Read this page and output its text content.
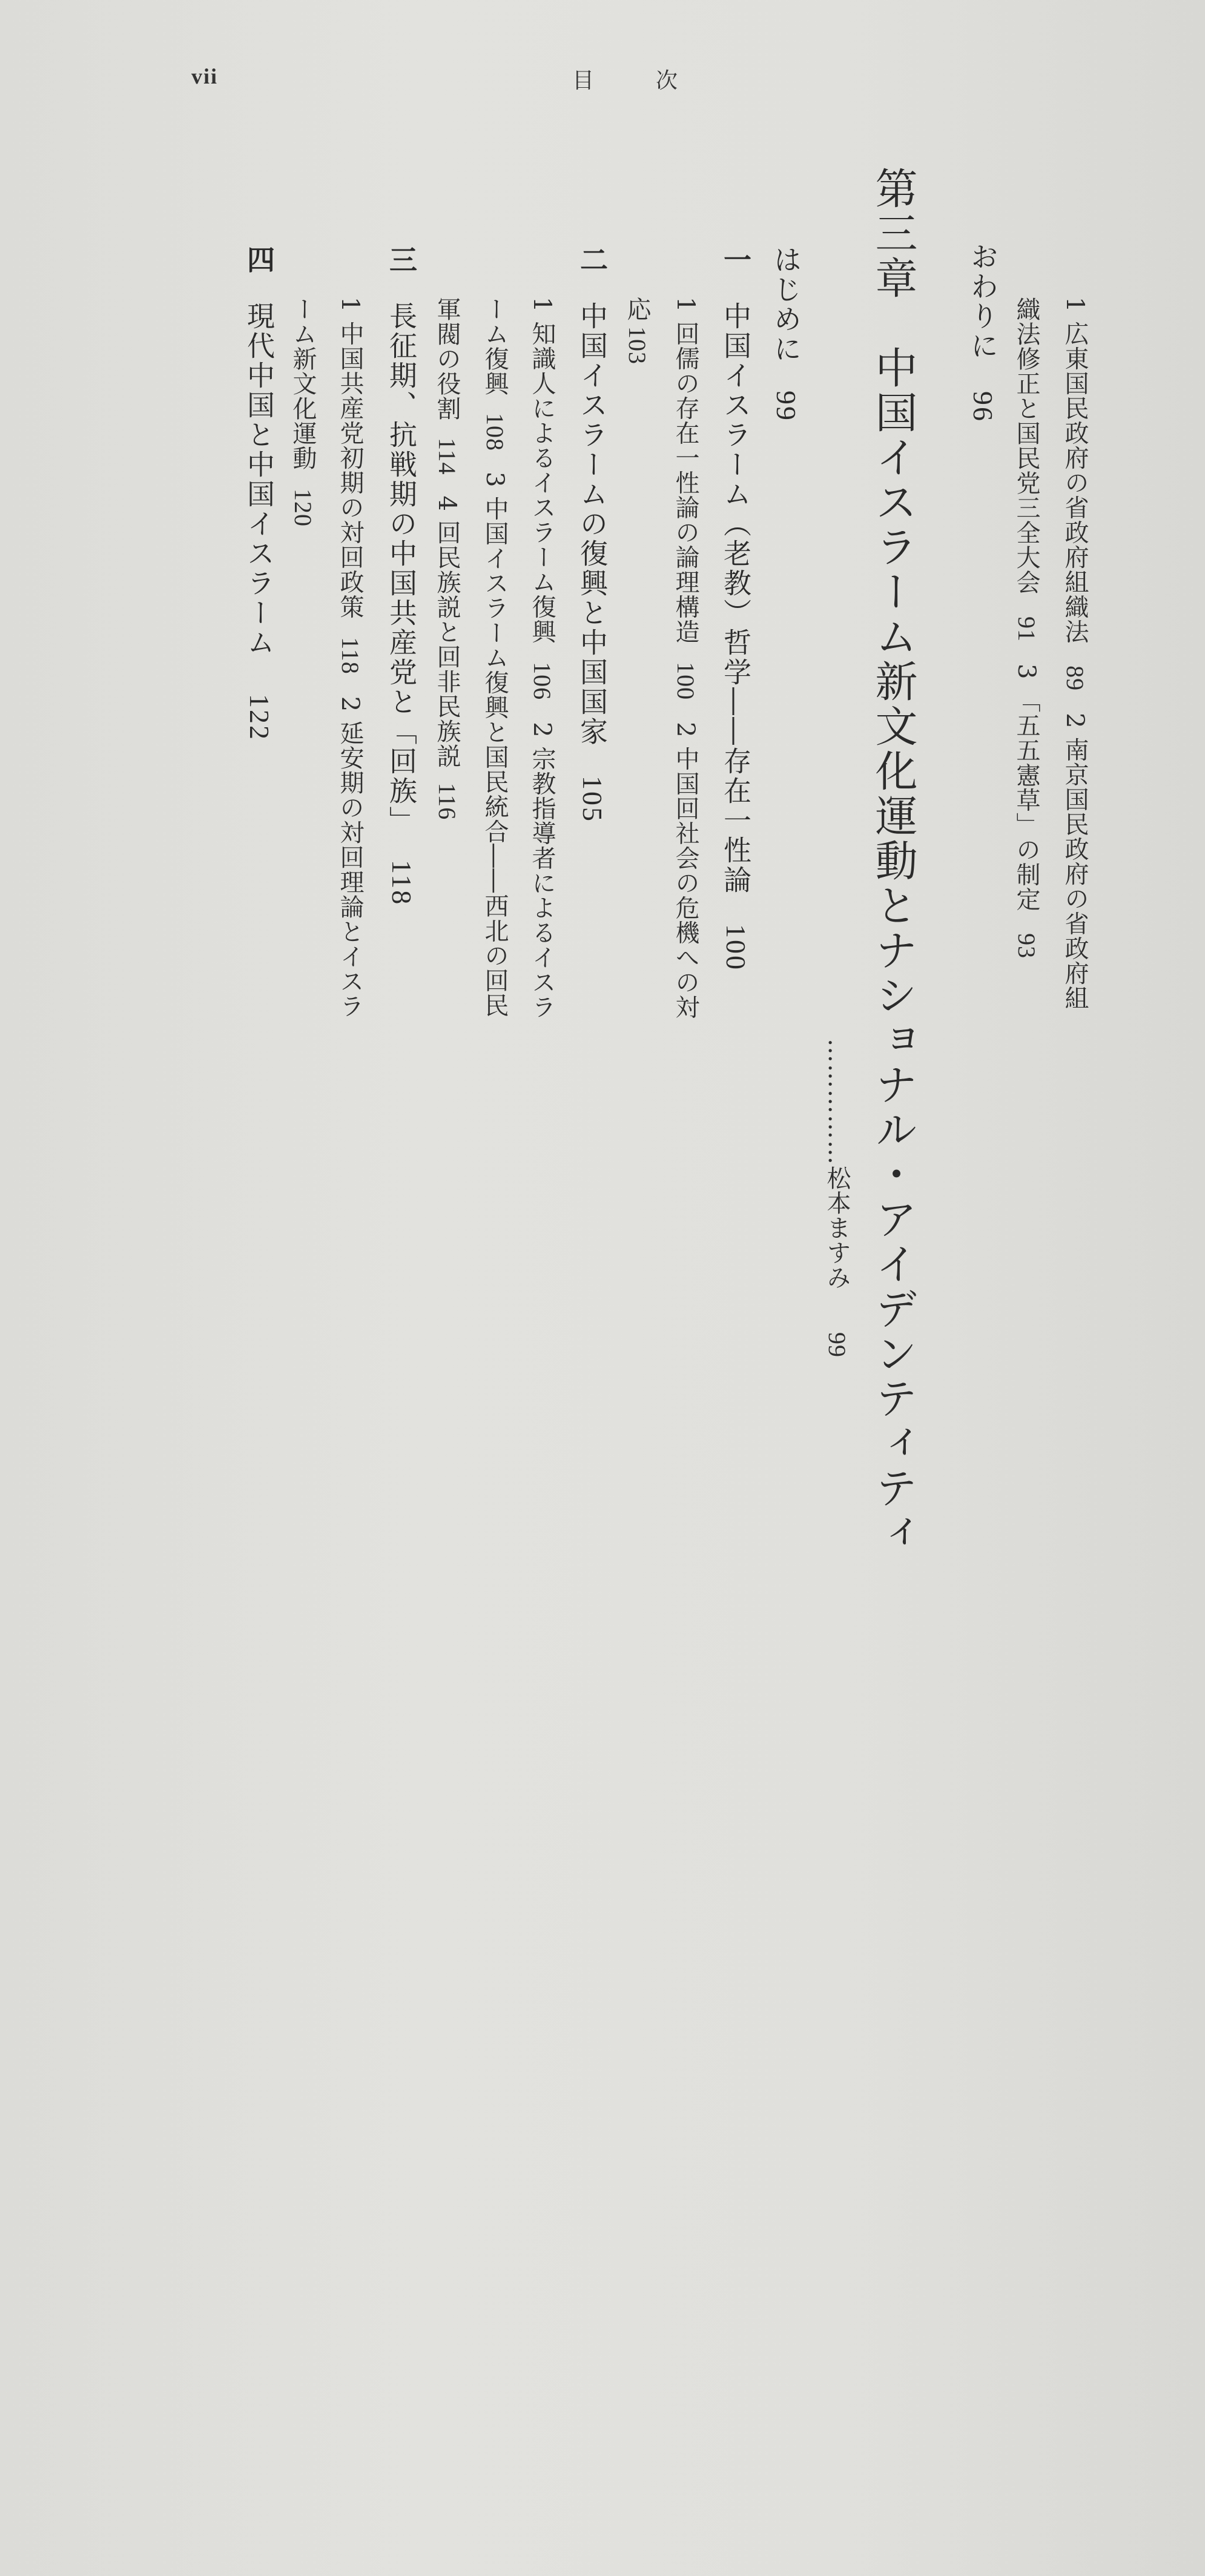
vii	目	次
1 広東国民政府の省政府組織法892 南京国民政府の省政府組
織法修正と国民党三全大会913 「五五憲草」の制定93
おわりに96
第三章　中国イスラーム新文化運動とナショナル・アイデンティティ
……………松本ますみ99
はじめに99
一中国イスラーム（老教）哲学――存在一性論100
1 回儒の存在一性論の論理構造1002 中国回社会の危機への対
応103
二中国イスラームの復興と中国国家105
1 知識人によるイスラーム復興1062 宗教指導者によるイスラ
ーム復興1083 中国イスラーム復興と国民統合――西北の回民
軍閥の役割1144 回民族説と回非民族説116
三長征期、抗戦期の中国共産党と「回族」118
1 中国共産党初期の対回政策1182 延安期の対回理論とイスラ
ーム新文化運動120
四現代中国と中国イスラーム122
